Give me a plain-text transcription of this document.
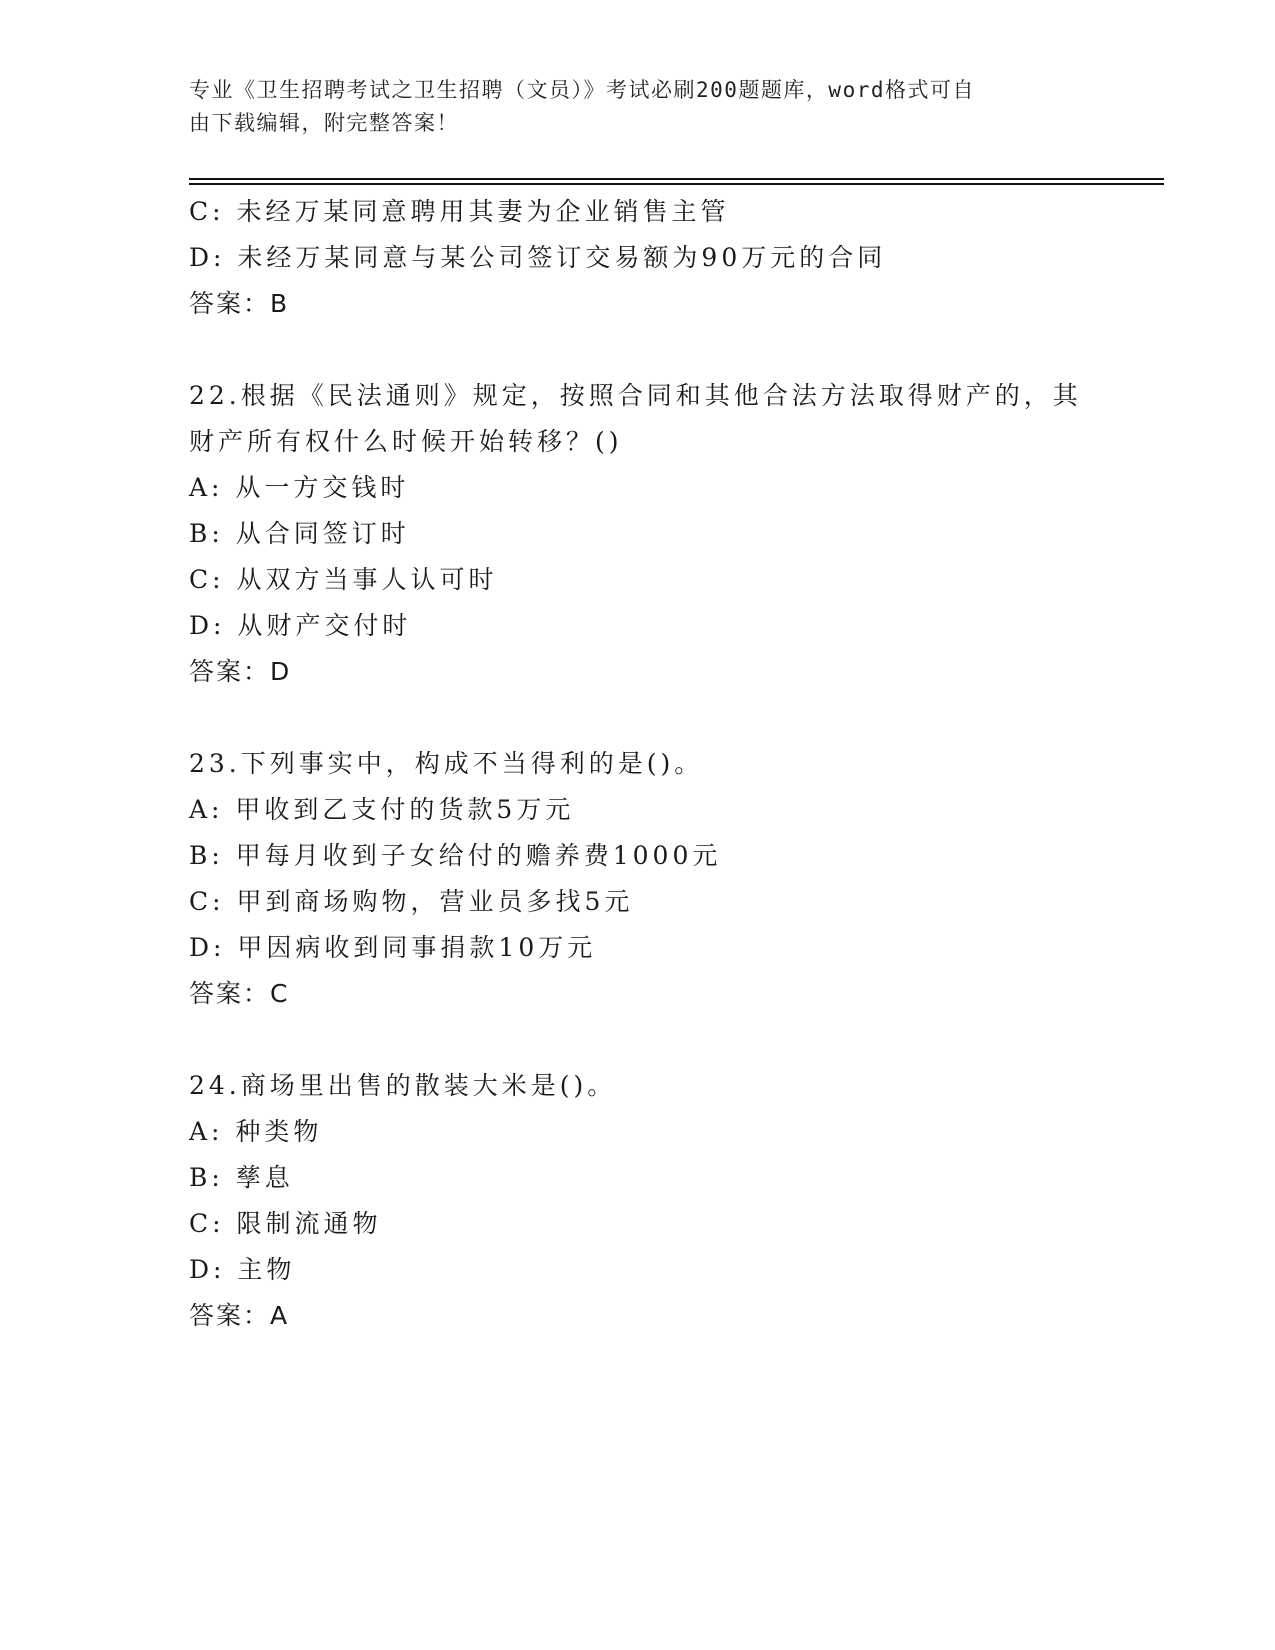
专业《卫生招聘考试之卫生招聘（文员）》考试必刷200题题库，word格式可自
由下载编辑，附完整答案！
C: 未经万某同意聘用其妻为企业销售主管
D: 未经万某同意与某公司签订交易额为90万元的合同
答案：B
22.根据《民法通则》规定，按照合同和其他合法方法取得财产的，其
财产所有权什么时候开始转移？()
A: 从一方交钱时
B: 从合同签订时
C: 从双方当事人认可时
D: 从财产交付时
答案：D
23.下列事实中，构成不当得利的是()。
A: 甲收到乙支付的货款5万元
B: 甲每月收到子女给付的赡养费1000元
C: 甲到商场购物，营业员多找5元
D: 甲因病收到同事捐款10万元
答案：C
24.商场里出售的散装大米是()。
A: 种类物
B: 孳息
C: 限制流通物
D: 主物
答案：A
